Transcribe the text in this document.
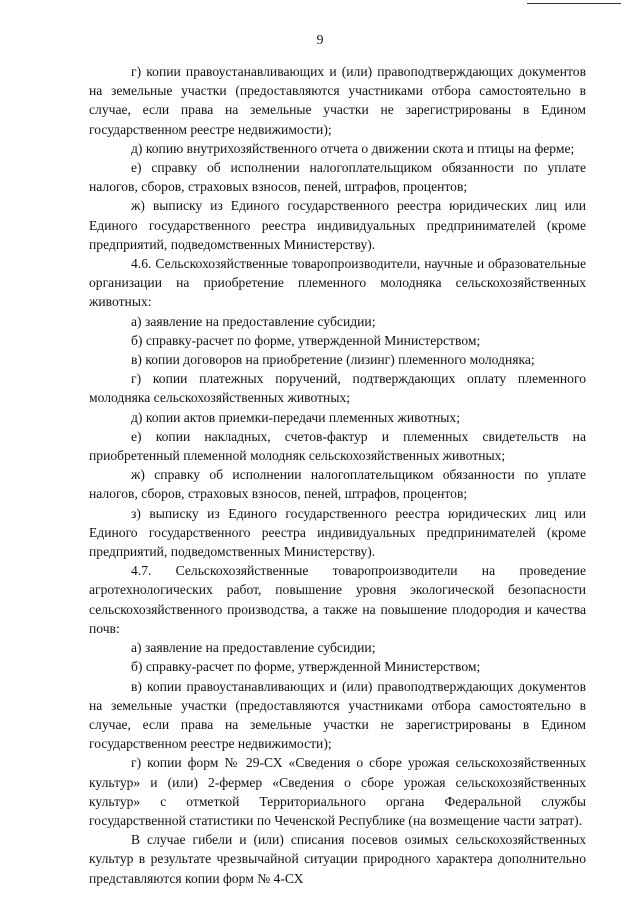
9

г) копии правоустанавливающих и (или) правоподтверждающих документов на земельные участки (предоставляются участниками отбора самостоятельно в случае, если права на земельные участки не зарегистрированы в Едином государственном реестре недвижимости);

д) копию внутрихозяйственного отчета о движении скота и птицы на ферме;

е) справку об исполнении налогоплательщиком обязанности по уплате налогов, сборов, страховых взносов, пеней, штрафов, процентов;

ж) выписку из Единого государственного реестра юридических лиц или Единого государственного реестра индивидуальных предпринимателей (кроме предприятий, подведомственных Министерству).

4.6. Сельскохозяйственные товаропроизводители, научные и образовательные организации на приобретение племенного молодняка сельскохозяйственных животных:

а) заявление на предоставление субсидии;

б) справку-расчет по форме, утвержденной Министерством;

в) копии договоров на приобретение (лизинг) племенного молодняка;

г) копии платежных поручений, подтверждающих оплату племенного молодняка сельскохозяйственных животных;

д) копии актов приемки-передачи племенных животных;

е) копии накладных, счетов-фактур и племенных свидетельств на приобретенный племенной молодняк сельскохозяйственных животных;

ж) справку об исполнении налогоплательщиком обязанности по уплате налогов, сборов, страховых взносов, пеней, штрафов, процентов;

з) выписку из Единого государственного реестра юридических лиц или Единого государственного реестра индивидуальных предпринимателей (кроме предприятий, подведомственных Министерству).

4.7. Сельскохозяйственные товаропроизводители на проведение агротехнологических работ, повышение уровня экологической безопасности сельскохозяйственного производства, а также на повышение плодородия и качества почв:

а) заявление на предоставление субсидии;

б) справку-расчет по форме, утвержденной Министерством;

в) копии правоустанавливающих и (или) правоподтверждающих документов на земельные участки (предоставляются участниками отбора самостоятельно в случае, если права на земельные участки не зарегистрированы в Едином государственном реестре недвижимости);

г) копии форм № 29-СХ «Сведения о сборе урожая сельскохозяйственных культур» и (или) 2-фермер «Сведения о сборе урожая сельскохозяйственных культур» с отметкой Территориального органа Федеральной службы государственной статистики по Чеченской Республике (на возмещение части затрат).

В случае гибели и (или) списания посевов озимых сельскохозяйственных культур в результате чрезвычайной ситуации природного характера дополнительно представляются копии форм № 4-СХ
